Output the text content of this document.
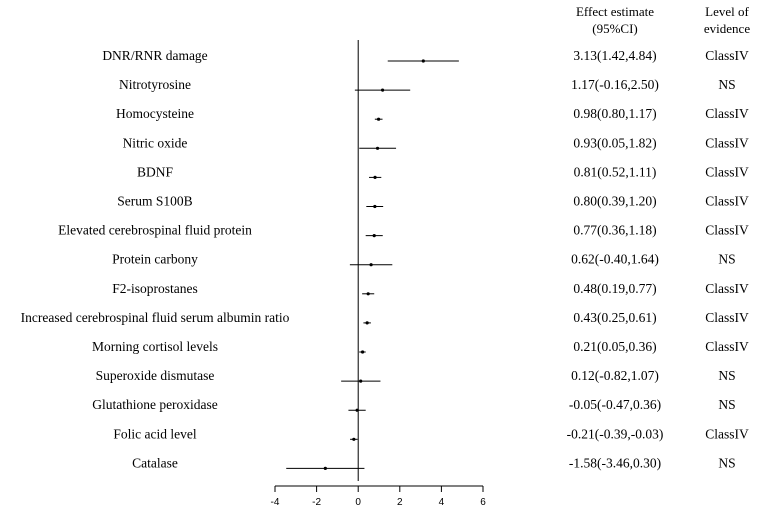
Effect estimate
(95%CI)
Level of
evidence
DNR/RNR damage	3.13(1.42,4.84)	ClassIV
Nitrotyrosine	1.17(-0.16,2.50)	NS
Homocysteine	0.98(0.80,1.17)	ClassIV
Nitric oxide	0.93(0.05,1.82)	ClassIV
BDNF	0.81(0.52,1.11)	ClassIV
Serum S100B	0.80(0.39,1.20)	ClassIV
Elevated cerebrospinal fluid protein	0.77(0.36,1.18)	ClassIV
Protein carbony	0.62(-0.40,1.64)	NS
F2-isoprostanes	0.48(0.19,0.77)	ClassIV
Increased cerebrospinal fluid serum albumin ratio	0.43(0.25,0.61)	ClassIV
Morning cortisol levels	0.21(0.05,0.36)	ClassIV
Superoxide dismutase	0.12(-0.82,1.07)	NS
Glutathione peroxidase	-0.05(-0.47,0.36)	NS
Folic acid level	-0.21(-0.39,-0.03)	ClassIV
Catalase	-1.58(-3.46,0.30)	NS
-4	-2	0	2	4	6
